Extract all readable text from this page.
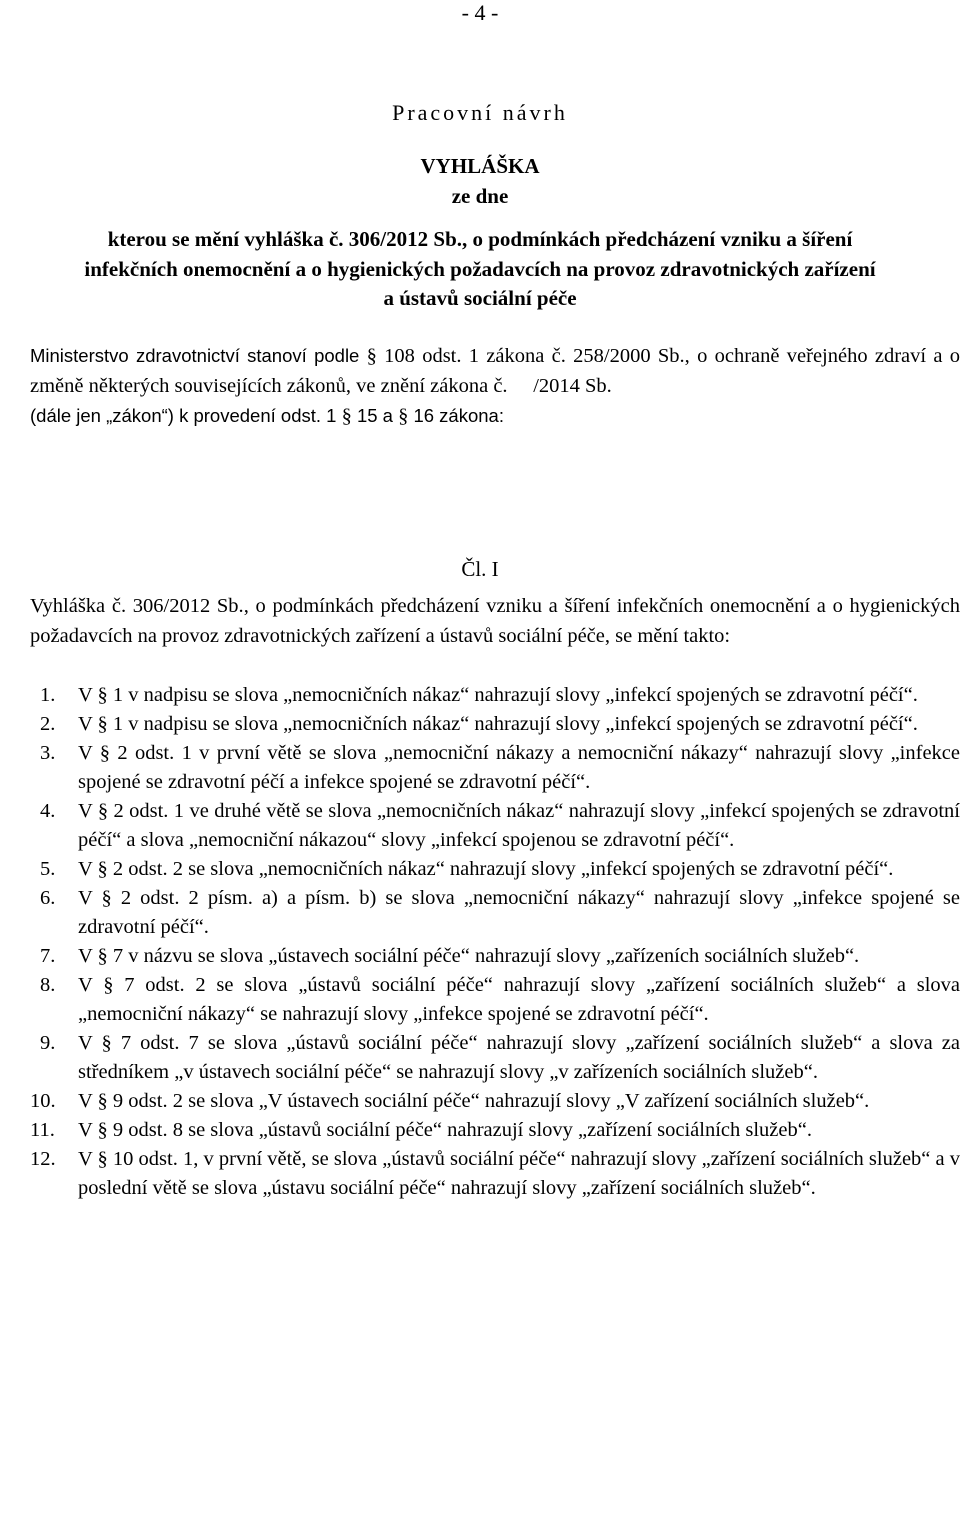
- 4 -
Pracovní návrh
VYHLÁŠKA
ze dne
kterou se mění vyhláška č. 306/2012 Sb., o podmínkách předcházení vzniku a šíření
infekčních onemocnění a o hygienických požadavcích na provoz zdravotnických zařízení
a ústavů sociální péče
Ministerstvo zdravotnictví stanoví podle § 108 odst. 1 zákona č. 258/2000 Sb., o ochraně veřejného zdraví a o změně některých souvisejících zákonů, ve znění zákona č. /2014 Sb.
(dále jen „zákon“) k provedení odst. 1 § 15 a § 16 zákona:
Čl. I
Vyhláška č. 306/2012 Sb., o podmínkách předcházení vzniku a šíření infekčních onemocnění a o hygienických požadavcích na provoz zdravotnických zařízení a ústavů sociální péče, se mění takto:
1. V § 1 v nadpisu se slova „nemocničních nákaz“ nahrazují slovy „infekcí spojených se zdravotní péčí“.
2. V § 1 v nadpisu se slova „nemocničních nákaz“ nahrazují slovy „infekcí spojených se zdravotní péčí“.
3. V § 2 odst. 1 v první větě se slova „nemocniční nákazy a nemocniční nákazy“ nahrazují slovy „infekce spojené se zdravotní péčí a infekce spojené se zdravotní péčí“.
4. V § 2 odst. 1 ve druhé větě se slova „nemocničních nákaz“ nahrazují slovy „infekcí spojených se zdravotní péčí“ a slova „nemocniční nákazou“ slovy „infekcí spojenou se zdravotní péčí“.
5. V § 2 odst. 2 se slova „nemocničních nákaz“ nahrazují slovy „infekcí spojených se zdravotní péčí“.
6. V § 2 odst. 2 písm. a) a písm. b) se slova „nemocniční nákazy“ nahrazují slovy „infekce spojené se zdravotní péčí“.
7. V § 7 v názvu se slova „ústavech sociální péče“ nahrazují slovy „zařízeních sociálních služeb“.
8. V § 7 odst. 2 se slova „ústavů sociální péče“ nahrazují slovy „zařízení sociálních služeb“ a slova „nemocniční nákazy“ se nahrazují slovy „infekce spojené se zdravotní péčí“.
9. V § 7 odst. 7 se slova „ústavů sociální péče“ nahrazují slovy „zařízení sociálních služeb“ a slova za středníkem „v ústavech sociální péče“ se nahrazují slovy „v zařízeních sociálních služeb“.
10. V § 9 odst. 2 se slova „V ústavech sociální péče“ nahrazují slovy „V zařízení sociálních služeb“.
11. V § 9 odst. 8 se slova „ústavů sociální péče“ nahrazují slovy „zařízení sociálních služeb“.
12. V § 10 odst. 1, v první větě, se slova „ústavů sociální péče“ nahrazují slovy „zařízení sociálních služeb“ a v poslední větě se slova „ústavu sociální péče“ nahrazují slovy „zařízení sociálních služeb“.
